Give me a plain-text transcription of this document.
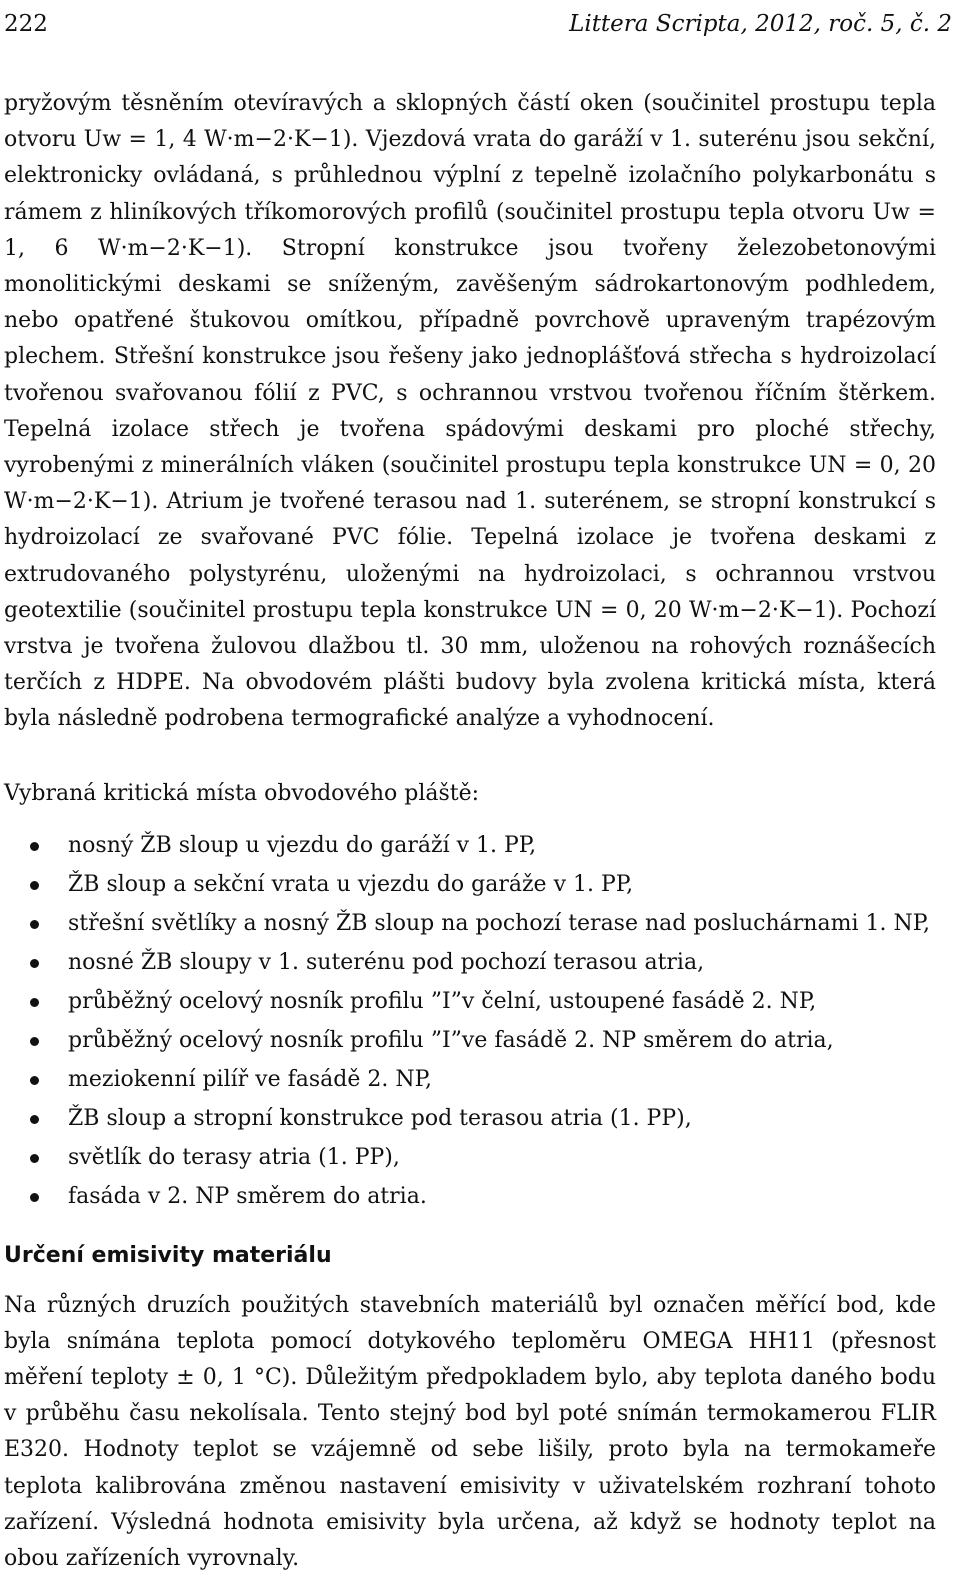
222	Littera Scripta, 2012, roč. 5, č. 2

pryžovým těsněním otevíravých a sklopných částí oken (součinitel prostupu tepla otvoru Uw = 1, 4 W·m−2·K−1). Vjezdová vrata do garáží v 1. suterénu jsou sekční, elektronicky ovládaná, s průhlednou výplní z tepelně izolačního polykarbonátu s rámem z hliníkových tříkomorových profilů (součinitel prostupu tepla otvoru Uw = 1, 6 W·m−2·K−1). Stropní konstrukce jsou tvořeny železobetonovými monolitickými deskami se sníženým, zavěšeným sádrokartonovým podhledem, nebo opatřené štukovou omítkou, případně povrchově upraveným trapézovým plechem. Střešní konstrukce jsou řešeny jako jednoplášťová střecha s hydroizolací tvořenou svařovanou fólií z PVC, s ochrannou vrstvou tvořenou říčním štěrkem. Tepelná izolace střech je tvořena spádovými deskami pro ploché střechy, vyrobenými z minerálních vláken (součinitel prostupu tepla konstrukce UN = 0, 20 W·m−2·K−1). Atrium je tvořené terasou nad 1. suterénem, se stropní konstrukcí s hydroizolací ze svařované PVC fólie. Tepelná izolace je tvořena deskami z extrudovaného polystyrénu, uloženými na hydroizolaci, s ochrannou vrstvou geotextilie (součinitel prostupu tepla konstrukce UN = 0, 20 W·m−2·K−1). Pochozí vrstva je tvořena žulovou dlažbou tl. 30 mm, uloženou na rohových roznášecích terčích z HDPE. Na obvodovém plášti budovy byla zvolena kritická místa, která byla následně podrobena termografické analýze a vyhodnocení.

Vybraná kritická místa obvodového pláště:

nosný ŽB sloup u vjezdu do garáží v 1. PP,
ŽB sloup a sekční vrata u vjezdu do garáže v 1. PP,
střešní světlíky a nosný ŽB sloup na pochozí terase nad posluchárnami 1. NP,
nosné ŽB sloupy v 1. suterénu pod pochozí terasou atria,
průběžný ocelový nosník profilu ”I”v čelní, ustoupené fasádě 2. NP,
průběžný ocelový nosník profilu ”I”ve fasádě 2. NP směrem do atria,
meziokenní pilíř ve fasádě 2. NP,
ŽB sloup a stropní konstrukce pod terasou atria (1. PP),
světlík do terasy atria (1. PP),
fasáda v 2. NP směrem do atria.
Určení emisivity materiálu

Na různých druzích použitých stavebních materiálů byl označen měřící bod, kde byla snímána teplota pomocí dotykového teploměru OMEGA HH11 (přesnost měření teploty ± 0, 1 °C). Důležitým předpokladem bylo, aby teplota daného bodu v průběhu času nekolísala. Tento stejný bod byl poté snímán termokamerou FLIR E320. Hodnoty teplot se vzájemně od sebe lišily, proto byla na termokameře teplota kalibrována změnou nastavení emisivity v uživatelském rozhraní tohoto zařízení. Výsledná hodnota emisivity byla určena, až když se hodnoty teplot na obou zařízeních vyrovnaly.
